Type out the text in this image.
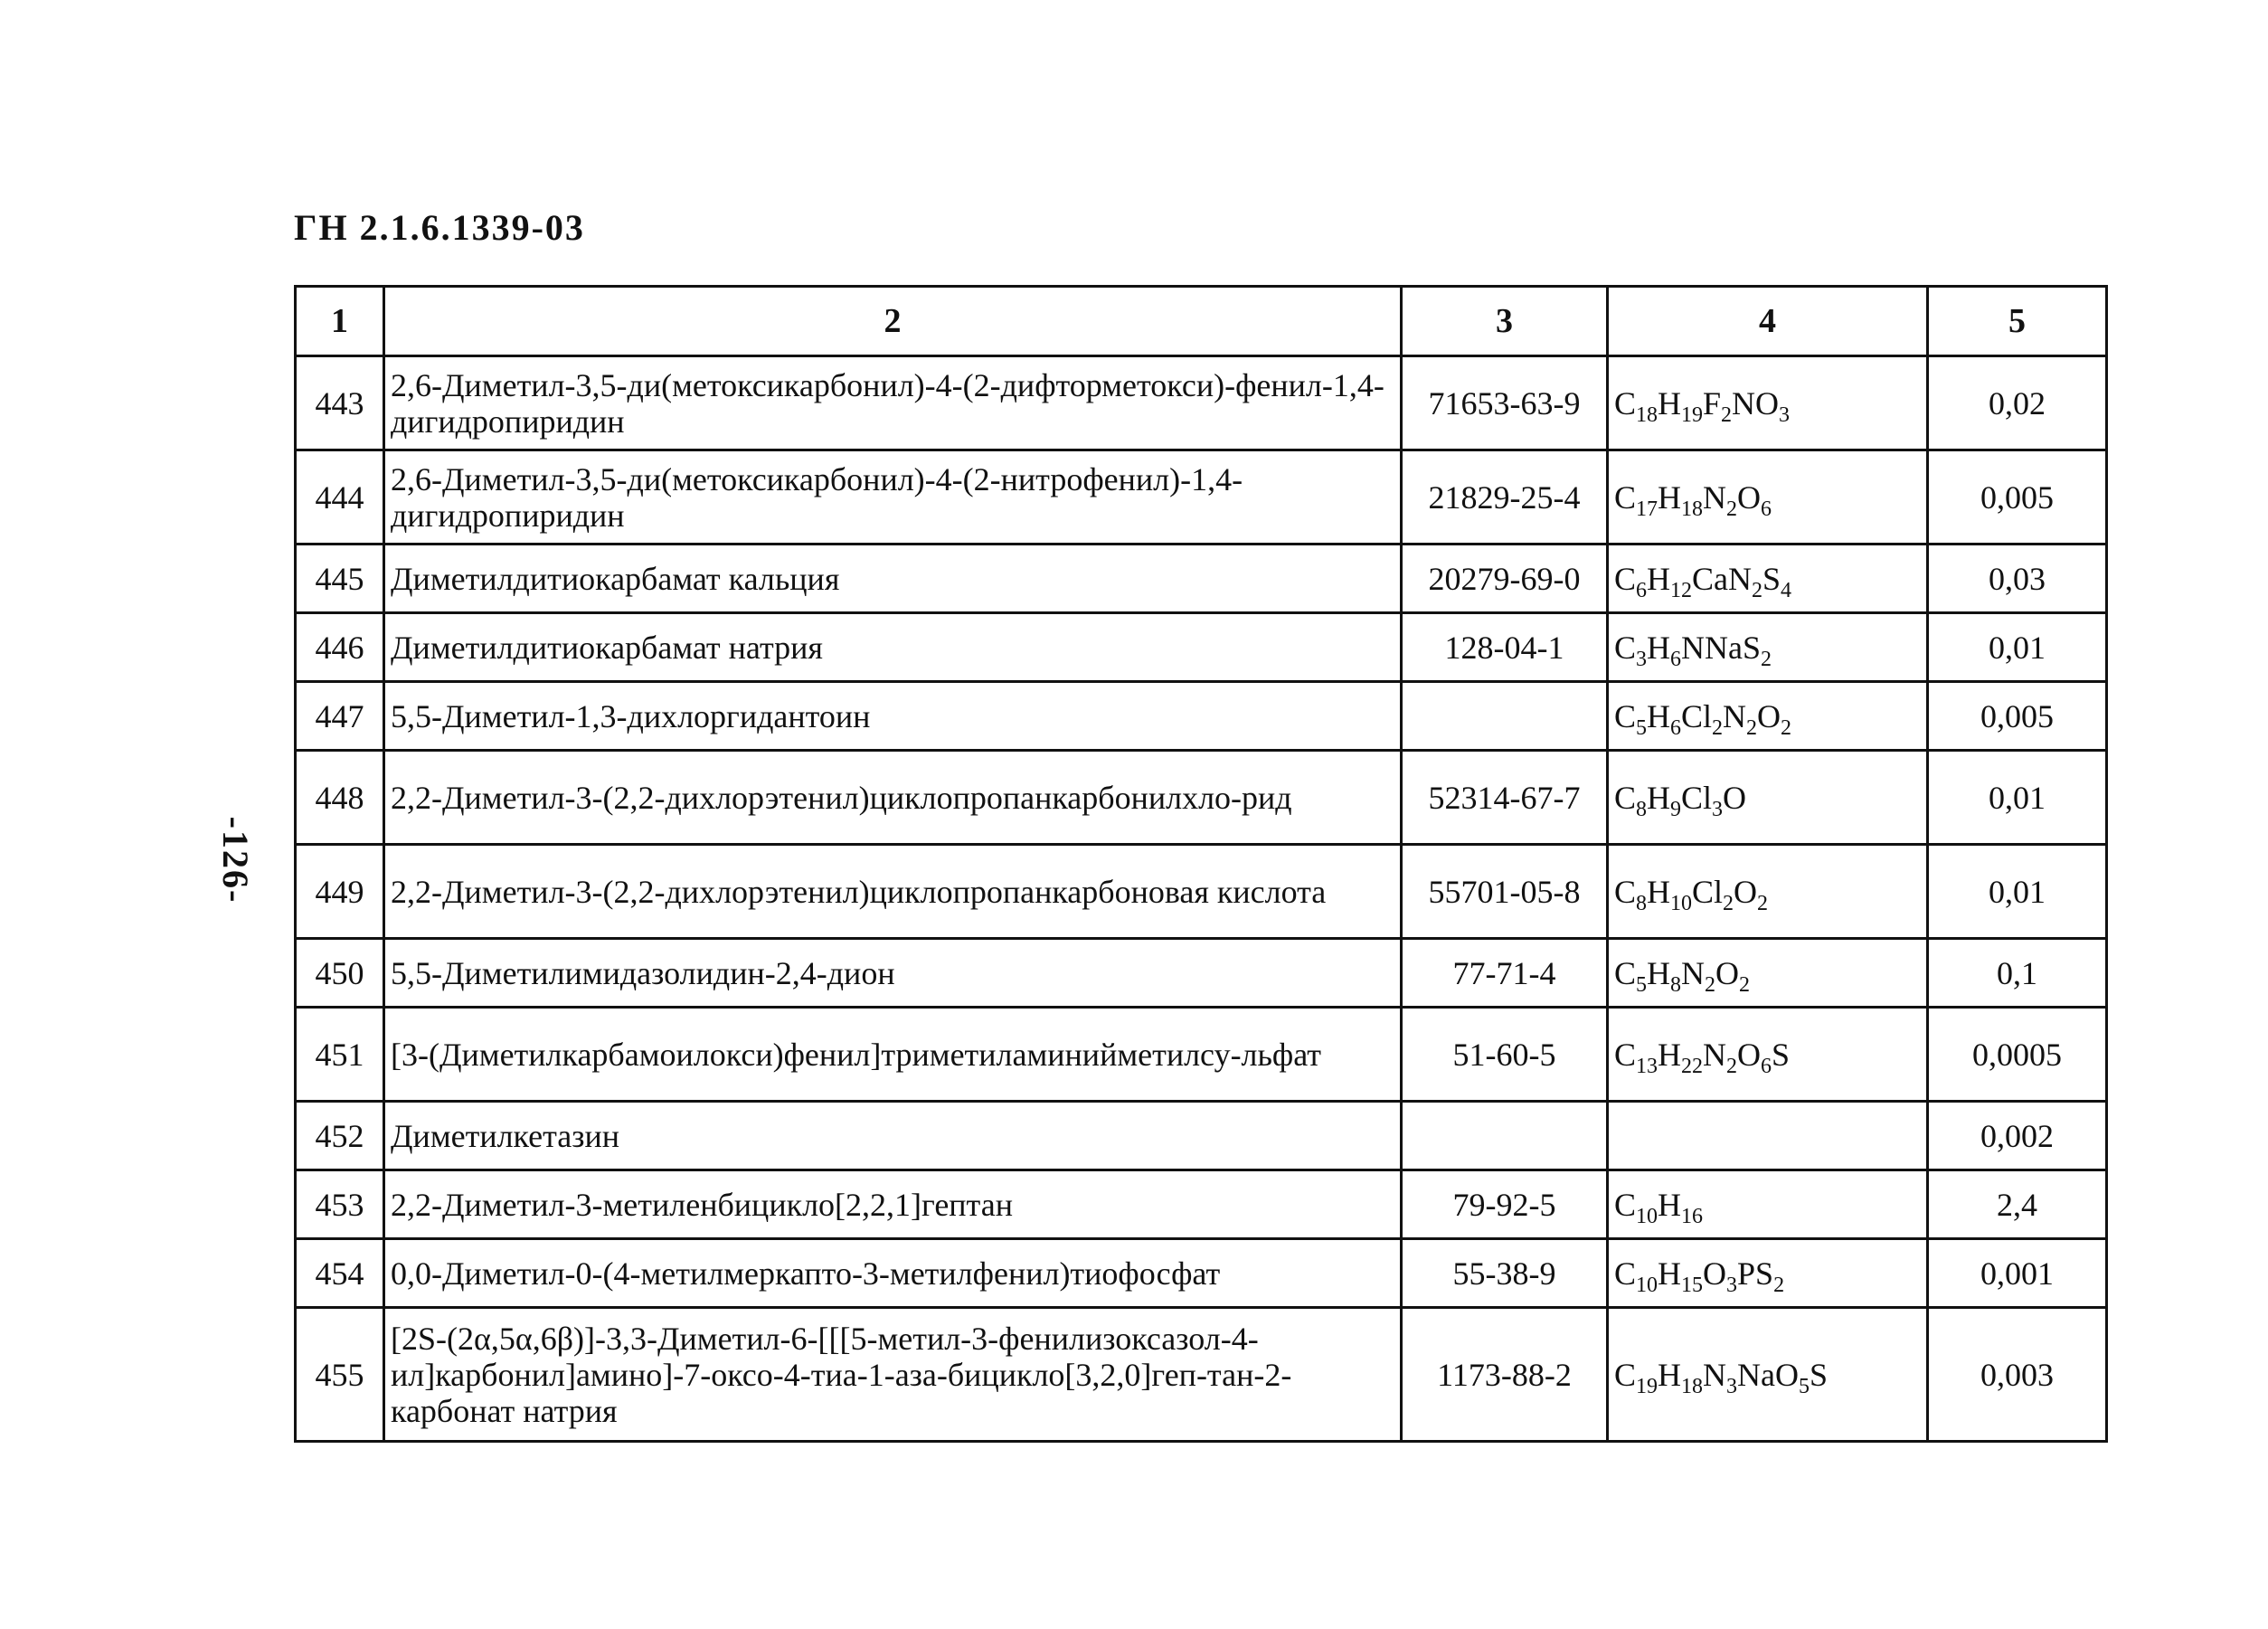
ГН 2.1.6.1339-03
-126-
1	2	3	4	5
443	2,6-Диметил-3,5-ди(метоксикарбонил)-4-(2-дифторметокси)-фенил-1,4-дигидропиридин	71653-63-9	$C_{18}H_{19}F_2NO_3$	0,02
444	2,6-Диметил-3,5-ди(метоксикарбонил)-4-(2-нитрофенил)-1,4-дигидропиридин	21829-25-4	$C_{17}H_{18}N_2O_6$	0,005
445	Диметилдитиокарбамат кальция	20279-69-0	$C_6H_{12}CaN_2S_4$	0,03
446	Диметилдитиокарбамат натрия	128-04-1	$C_3H_6NNaS_2$	0,01
447	5,5-Диметил-1,3-дихлоргидантоин		$C_5H_6Cl_2N_2O_2$	0,005
448	2,2-Диметил-3-(2,2-дихлорэтенил)циклопропанкарбонилхло-рид	52314-67-7	$C_8H_9Cl_3O$	0,01
449	2,2-Диметил-3-(2,2-дихлорэтенил)циклопропанкарбоновая кислота	55701-05-8	$C_8H_{10}Cl_2O_2$	0,01
450	5,5-Диметилимидазолидин-2,4-дион	77-71-4	$C_5H_8N_2O_2$	0,1
451	[3-(Диметилкарбамоилокси)фенил]триметиламинийметилсу-льфат	51-60-5	$C_{13}H_{22}N_2O_6S$	0,0005
452	Диметилкетазин			0,002
453	2,2-Диметил-3-метиленбицикло[2,2,1]гептан	79-92-5	$C_{10}H_{16}$	2,4
454	0,0-Диметил-0-(4-метилмеркапто-3-метилфенил)тиофосфат	55-38-9	$C_{10}H_{15}O_3PS_2$	0,001
455	[2S-(2α,5α,6β)]-3,3-Диметил-6-[[[5-метил-3-фенилизоксазол-4-ил]карбонил]амино]-7-оксо-4-тиа-1-аза-бицикло[3,2,0]геп-тан-2-карбонат натрия	1173-88-2	$C_{19}H_{18}N_3NaO_5S$	0,003
